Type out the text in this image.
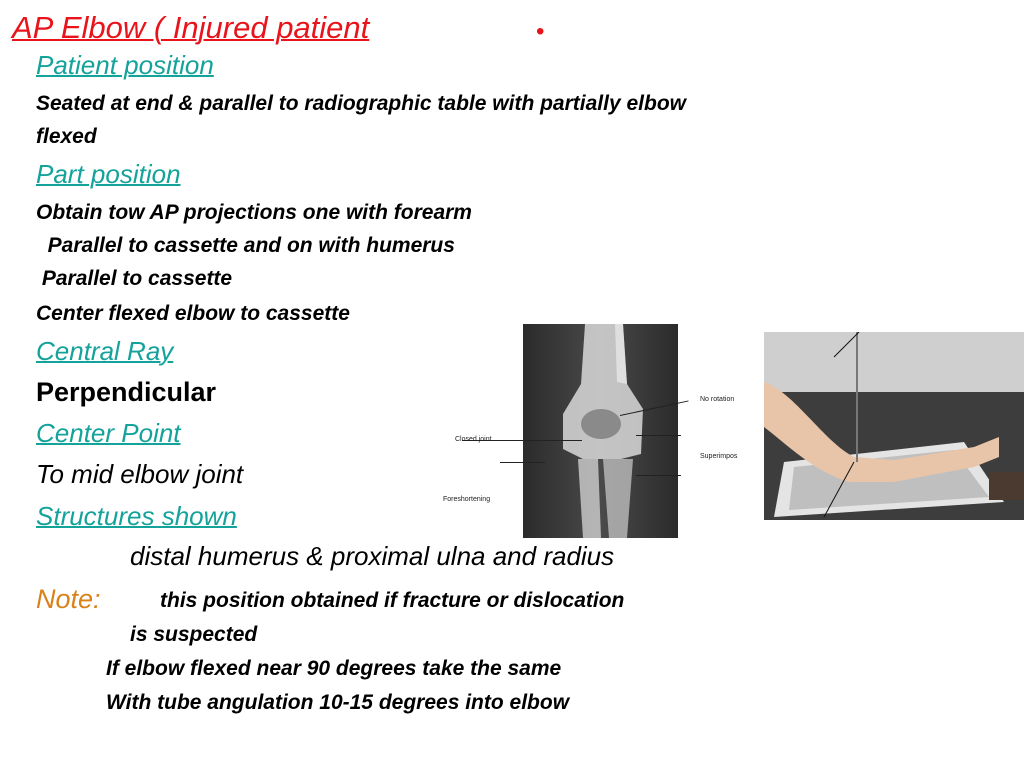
AP Elbow ( Injured patient	•
Patient position
Seated at end & parallel to radiographic table with partially elbow
flexed
Part position
Obtain tow AP projections one with forearm
Parallel to cassette and on with humerus
Parallel to cassette
Center flexed elbow to cassette
Central Ray
Perpendicular
Center Point
To mid elbow joint
Structures shown
distal humerus & proximal ulna and radius
Note:	this position obtained if fracture or dislocation
is suspected
If elbow flexed near 90 degrees take the same
With tube angulation 10-15 degrees into elbow
Closed joint
Foreshortening
No rotation
Superimpos
